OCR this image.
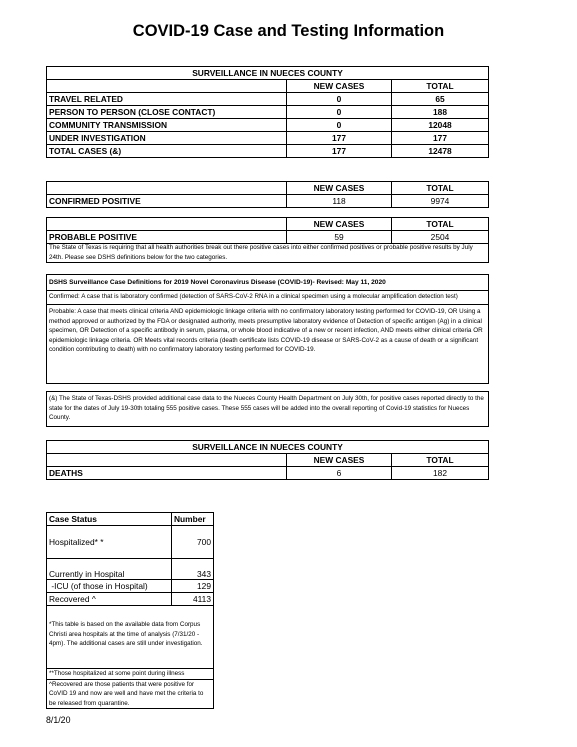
COVID-19 Case and Testing Information
SURVEILLANCE IN NUECES COUNTY		
	NEW CASES	TOTAL
TRAVEL RELATED	0	65
PERSON TO PERSON (CLOSE CONTACT)	0	188
COMMUNITY TRANSMISSION	0	12048
UNDER INVESTIGATION	177	177
TOTAL CASES (&)	177	12478
	NEW CASES	TOTAL
CONFIRMED POSITIVE	118	9974
	NEW CASES	TOTAL
PROBABLE POSITIVE	59	2504
The State of Texas is requiring that all health authorities break out there positive cases into either confirmed positives or probable positive results by July 24th. Please see DSHS definitions below for the two categories.
DSHS Surveillance Case Definitions for 2019 Novel Coronavirus Disease (COVID-19)- Revised: May 11, 2020
Confirmed: A case that is laboratory confirmed (detection of SARS-CoV-2 RNA in a clinical specimen using a molecular amplification detection test)
Probable: A case that meets clinical criteria AND epidemiologic linkage criteria with no confirmatory laboratory testing performed for COVID-19, OR Using a method approved or authorized by the FDA or designated authority, meets presumptive laboratory evidence of Detection of specific antigen (Ag) in a clinical specimen, OR Detection of a specific antibody in serum, plasma, or whole blood indicative of a new or recent infection, AND meets either clinical criteria OR epidemiologic linkage criteria. OR Meets vital records criteria (death certificate lists COVID-19 disease or SARS-CoV-2 as a cause of death or a significant condition contributing to death) with no confirmatory laboratory testing performed for COVID-19.
(&) The State of Texas-DSHS provided additional case data to the Nueces County Health Department on July 30th, for positive cases reported directly to the state for the dates of July 19-30th totaling 555 positive cases. These 555 cases will be added into the overall reporting of Covid-19 statistics for Nueces County.
SURVEILLANCE IN NUECES COUNTY		
	NEW CASES	TOTAL
DEATHS	6	182
Case Status	Number
Hospitalized* *	700
Currently in Hospital	343
-ICU (of those in Hospital)	129
Recovered ^	4113
*This table is based on the available data from Corpus Christi area hospitals at the time of analysis (7/31/20 - 4pm). The additional cases are still under investigation.	
**Those hospitalized at some point during illness	
^Recovered are those patients that were positive for CoVID 19 and now are well and have met the criteria to be released from quarantine.	
8/1/20
